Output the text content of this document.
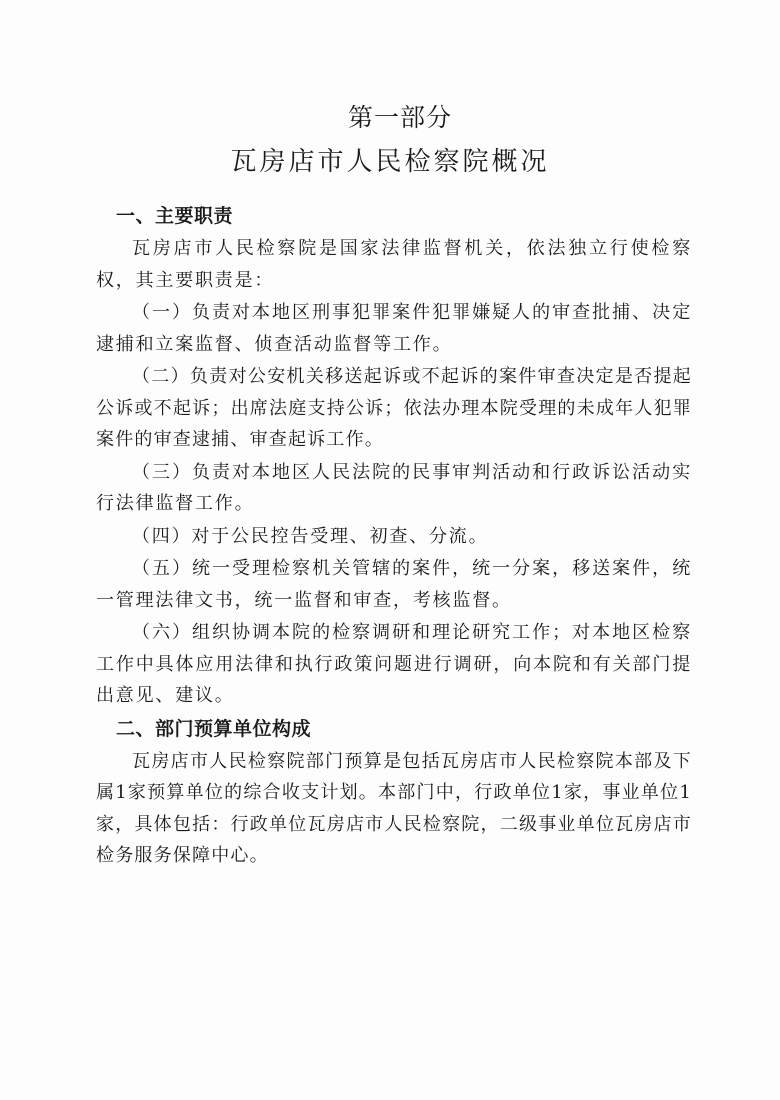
第一部分
瓦房店市人民检察院概况
一、主要职责

瓦房店市人民检察院是国家法律监督机关，依法独立行使检察权，其主要职责是：

（一）负责对本地区刑事犯罪案件犯罪嫌疑人的审查批捕、决定逮捕和立案监督、侦查活动监督等工作。

（二）负责对公安机关移送起诉或不起诉的案件审查决定是否提起公诉或不起诉；出席法庭支持公诉；依法办理本院受理的未成年人犯罪案件的审查逮捕、审查起诉工作。

（三）负责对本地区人民法院的民事审判活动和行政诉讼活动实行法律监督工作。

（四）对于公民控告受理、初查、分流。

（五）统一受理检察机关管辖的案件，统一分案，移送案件，统一管理法律文书，统一监督和审查，考核监督。

（六）组织协调本院的检察调研和理论研究工作；对本地区检察工作中具体应用法律和执行政策问题进行调研，向本院和有关部门提出意见、建议。

二、部门预算单位构成

瓦房店市人民检察院部门预算是包括瓦房店市人民检察院本部及下属1家预算单位的综合收支计划。本部门中，行政单位1家，事业单位1家，具体包括：行政单位瓦房店市人民检察院，二级事业单位瓦房店市检务服务保障中心。
